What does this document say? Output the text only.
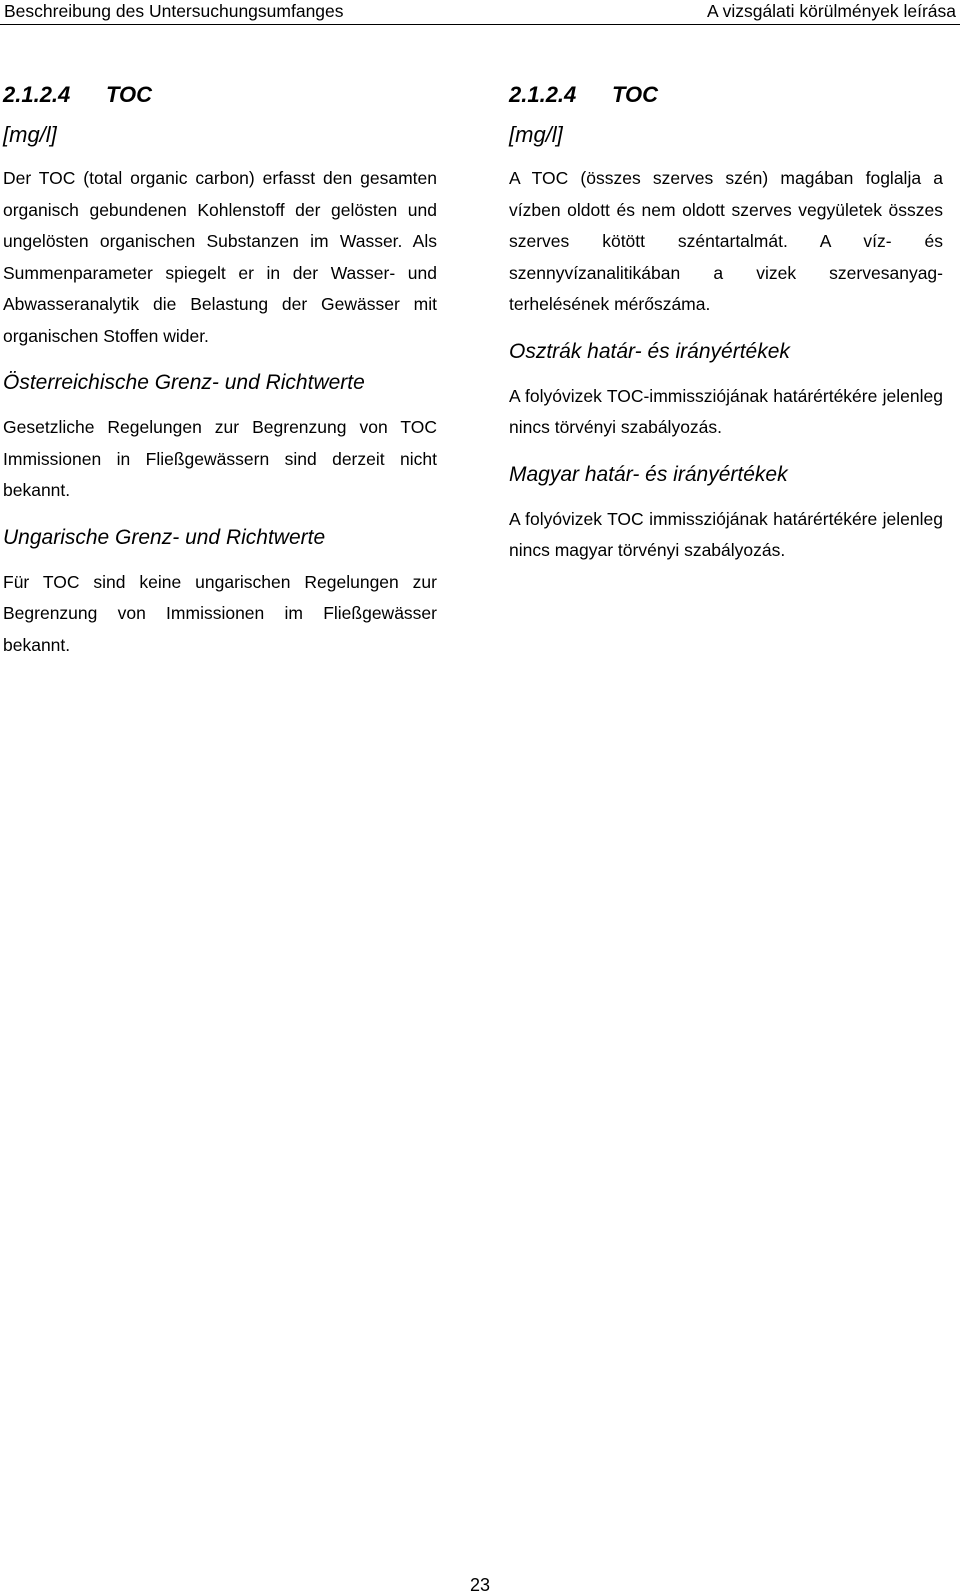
Beschreibung des Untersuchungsumfanges	A vizsgálati körülmények leírása
2.1.2.4	TOC

[mg/l]

Der TOC (total organic carbon) erfasst den gesamten organisch gebundenen Kohlenstoff der gelösten und ungelösten organischen Substanzen im Wasser. Als Summenparameter spiegelt er in der Wasser- und Abwasseranalytik die Belastung der Gewässer mit organischen Stoffen wider.

Österreichische Grenz- und Richtwerte

Gesetzliche Regelungen zur Begrenzung von TOC Immissionen in Fließgewässern sind derzeit nicht bekannt.

Ungarische Grenz- und Richtwerte

Für TOC sind keine ungarischen Regelungen zur Begrenzung von Immissionen im Fließgewässer bekannt.

2.1.2.4	TOC

[mg/l]

A TOC (összes szerves szén) magában foglalja a vízben oldott és nem oldott szerves vegyületek összes szerves kötött széntartalmát. A víz- és szennyvízanalitikában a vizek szervesanyag-terhelésének mérőszáma.

Osztrák határ- és irányértékek

A folyóvizek TOC-immissziójának határértékére jelenleg nincs törvényi szabályozás.

Magyar határ- és irányértékek

A folyóvizek TOC immissziójának határértékére jelenleg nincs magyar törvényi szabályozás.

23
